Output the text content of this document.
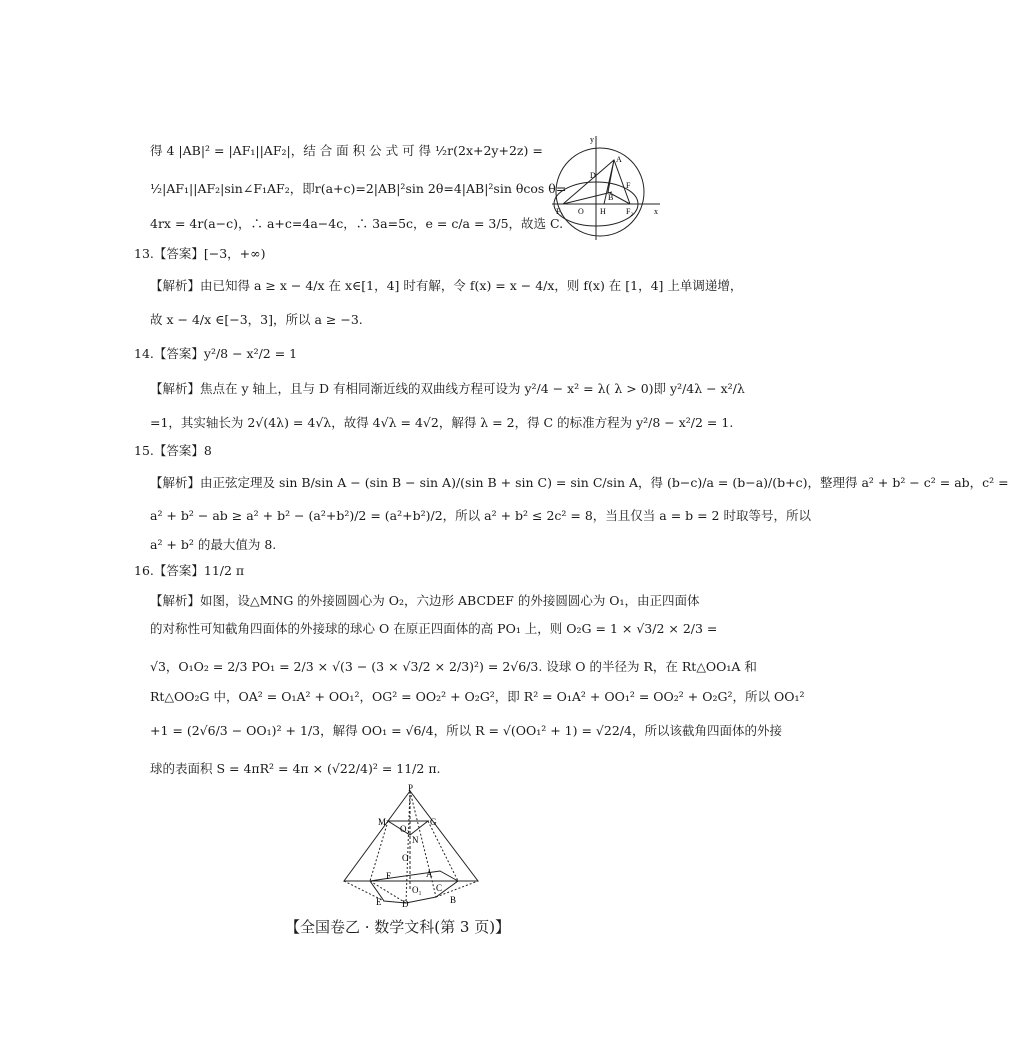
得 4 |AB|² = |AF₁||AF₂|，结 合 面 积 公 式 可 得 ½r(2x+2y+2z) =
½|AF₁||AF₂|sin∠F₁AF₂，即r(a+c)=2|AB|²sin 2θ=4|AB|²sin θcos θ=
4rx = 4r(a−c)，∴ a+c=4a−4c，∴ 3a=5c，e = c/a = 3/5，故选 C.
13.【答案】[−3，+∞)
【解析】由已知得 a ≥ x − 4/x 在 x∈[1，4] 时有解，令 f(x) = x − 4/x，则 f(x) 在 [1，4] 上单调递增，
故 x − 4/x ∈[−3，3]，所以 a ≥ −3.
14.【答案】y²/8 − x²/2 = 1
【解析】焦点在 y 轴上，且与 D 有相同渐近线的双曲线方程可设为 y²/4 − x² = λ( λ > 0)即 y²/4λ − x²/λ
=1，其实轴长为 2√(4λ) = 4√λ，故得 4√λ = 4√2，解得 λ = 2，得 C 的标准方程为 y²/8 − x²/2 = 1.
15.【答案】8
【解析】由正弦定理及 sin B/sin A − (sin B − sin A)/(sin B + sin C) = sin C/sin A，得 (b−c)/a = (b−a)/(b+c)，整理得 a² + b² − c² = ab，c² =
a² + b² − ab ≥ a² + b² − (a²+b²)/2 = (a²+b²)/2，所以 a² + b² ≤ 2c² = 8，当且仅当 a = b = 2 时取等号，所以
a² + b² 的最大值为 8.
16.【答案】11/2 π
【解析】如图，设△MNG 的外接圆圆心为 O₂，六边形 ABCDEF 的外接圆圆心为 O₁，由正四面体
的对称性可知截角四面体的外接球的球心 O 在原正四面体的高 PO₁ 上，则 O₂G = 1 × √3/2 × 2/3 =
√3，O₁O₂ = 2/3 PO₁ = 2/3 × √(3 − (3 × √3/2 × 2/3)²) = 2√6/3. 设球 O 的半径为 R，在 Rt△OO₁A 和
Rt△OO₂G 中，OA² = O₁A² + OO₁²，OG² = OO₂² + O₂G²，即 R² = O₁A² + OO₁² = OO₂² + O₂G²，所以 OO₁²
+1 = (2√6/3 − OO₁)² + 1/3，解得 OO₁ = √6/4，所以 R = √(OO₁² + 1) = √22/4，所以该截角四面体的外接
球的表面积 S = 4πR² = 4π × (√22/4)² = 11/2 π.
y
x
A
D
F
B
F₁ O H	F₂
P
M	G
O₂
N
O
F	A
E D
O₁ C
B
【全国卷乙 · 数学文科(第 3 页)】
